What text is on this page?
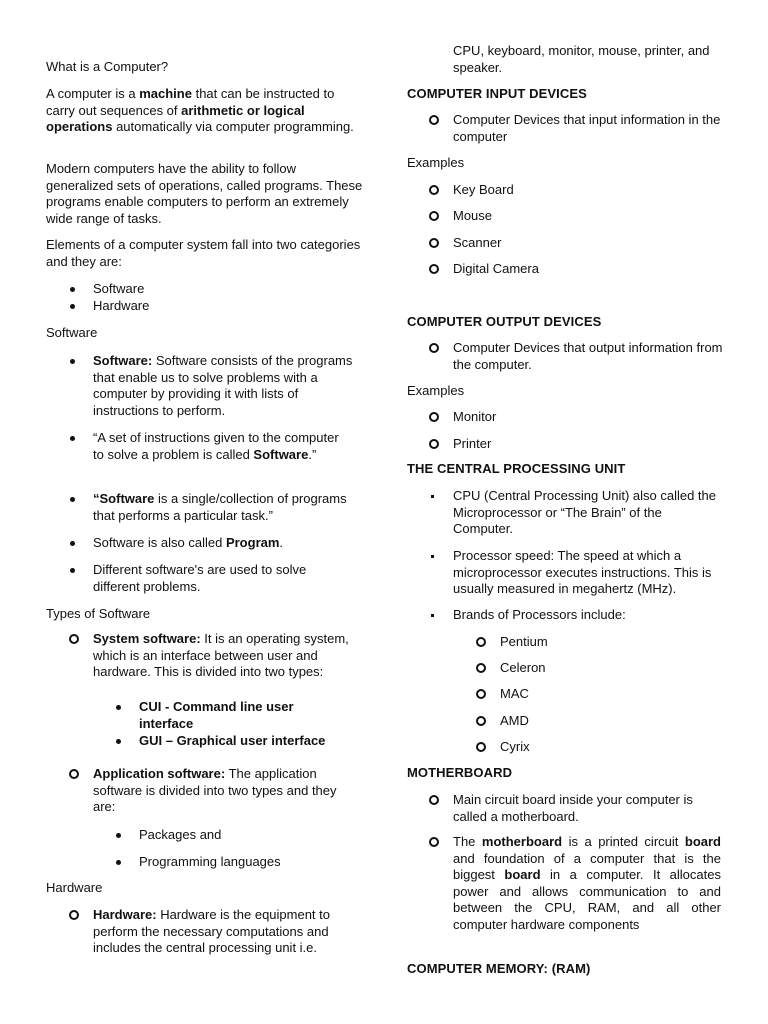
What is a Computer?

A computer is a machine that can be instructed to carry out sequences of arithmetic or logical operations automatically via computer programming.

Modern computers have the ability to follow generalized sets of operations, called programs. These programs enable computers to perform an extremely wide range of tasks.

Elements of a computer system fall into two categories and they are:

Software

Hardware

Software

Software: Software consists of the programs that enable us to solve problems with a computer by providing it with lists of instructions to perform.

“A set of instructions given to the computer to solve a problem is called Software.”

“Software is a single/collection of programs that performs a particular task.”

Software is also called Program.

Different software's are used to solve different problems.

Types of Software

System software: It is an operating system, which is an interface between user and hardware. This is divided into two types:

CUI - Command line user interface

GUI – Graphical user interface

Application software: The application software is divided into two types and they are:

Packages and

Programming languages

Hardware

Hardware: Hardware is the equipment to perform the necessary computations and includes the central processing unit i.e.

CPU, keyboard, monitor, mouse, printer, and speaker.

COMPUTER INPUT DEVICES

Computer Devices that input information in the computer

Examples

Key Board

Mouse

Scanner

Digital Camera

COMPUTER OUTPUT DEVICES

Computer Devices that output information from the computer.

Examples

Monitor

Printer

THE CENTRAL PROCESSING UNIT

CPU (Central Processing Unit) also called the Microprocessor or “The Brain” of the Computer.

Processor speed: The speed at which a microprocessor executes instructions. This is usually measured in megahertz (MHz).

Brands of Processors include:

Pentium

Celeron

MAC

AMD

Cyrix

MOTHERBOARD

Main circuit board inside your computer is called a motherboard.

The motherboard is a printed circuit board and foundation of a computer that is the biggest board in a computer. It allocates power and allows communication to and between the CPU, RAM, and all other computer hardware components

COMPUTER MEMORY: (RAM)
